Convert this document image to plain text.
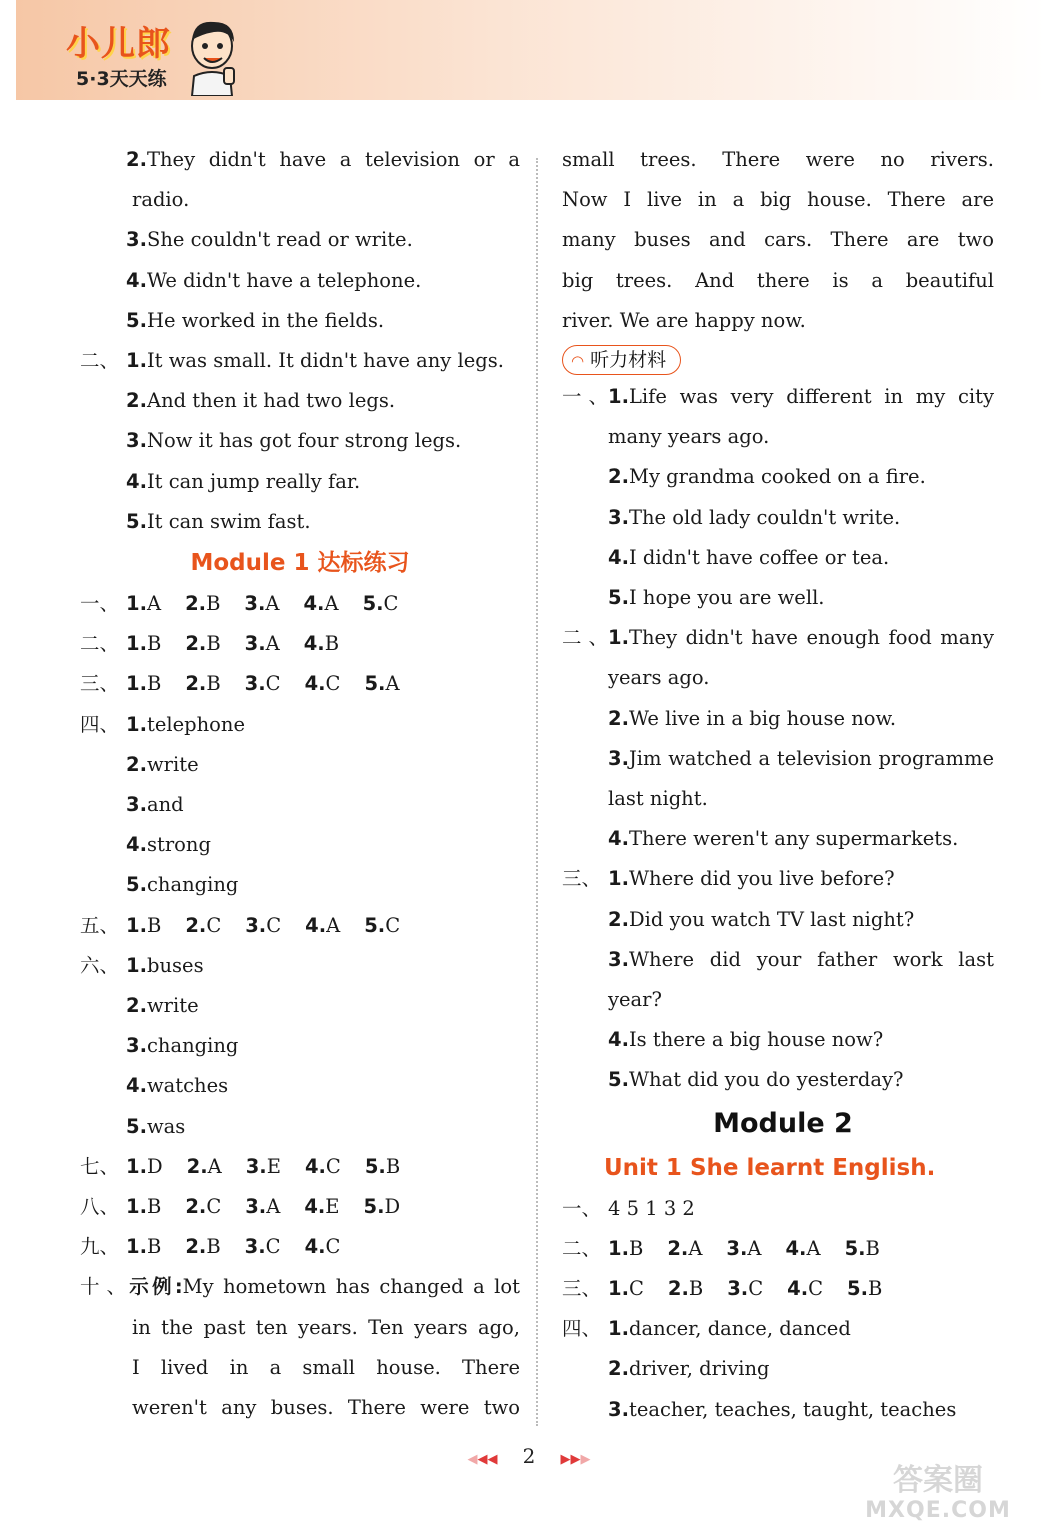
小儿郎
5·3天天练
2.They didn't have a television or a
radio.
3.She couldn't read or write.
4.We didn't have a telephone.
5.He worked in the fields.
二、 1.It was small. It didn't have any legs.
2.And then it had two legs.
3.Now it has got four strong legs.
4.It can jump really far.
5.It can swim fast.
Module 1 达标练习
一、 1.A 2.B 3.A 4.A 5.C
二、 1.B 2.B 3.A 4.B
三、 1.B 2.B 3.C 4.C 5.A
四、 1.telephone
2.write
3.and
4.strong
5.changing
五、 1.B 2.C 3.C 4.A 5.C
六、 1.buses
2.write
3.changing
4.watches
5.was
七、 1.D 2.A 3.E 4.C 5.B
八、 1.B 2.C 3.A 4.E 5.D
九、 1.B 2.B 3.C 4.C
十、示例:My hometown has changed a lot
in the past ten years. Ten years ago,
I lived in a small house. There
weren't any buses. There were two
small trees. There were no rivers.
Now I live in a big house. There are
many buses and cars. There are two
big trees. And there is a beautiful
river. We are happy now.
◠ 听力材料
一、1.Life was very different in my city
many years ago.
2.My grandma cooked on a fire.
3.The old lady couldn't write.
4.I didn't have coffee or tea.
5.I hope you are well.
二、1.They didn't have enough food many
years ago.
2.We live in a big house now.
3.Jim watched a television programme
last night.
4.There weren't any supermarkets.
三、 1.Where did you live before?
2.Did you watch TV last night?
3.Where did your father work last
year?
4.Is there a big house now?
5.What did you do yesterday?
Module 2
Unit 1 She learnt English.
一、 4 5 1 3 2
二、 1.B 2.A 3.A 4.A 5.B
三、 1.C 2.B 3.C 4.C 5.B
四、 1.dancer, dance, danced
2.driver, driving
3.teacher, teaches, taught, teaches
◀◀◀ 2 ▶▶▶
答案圈
MXQE.COM
